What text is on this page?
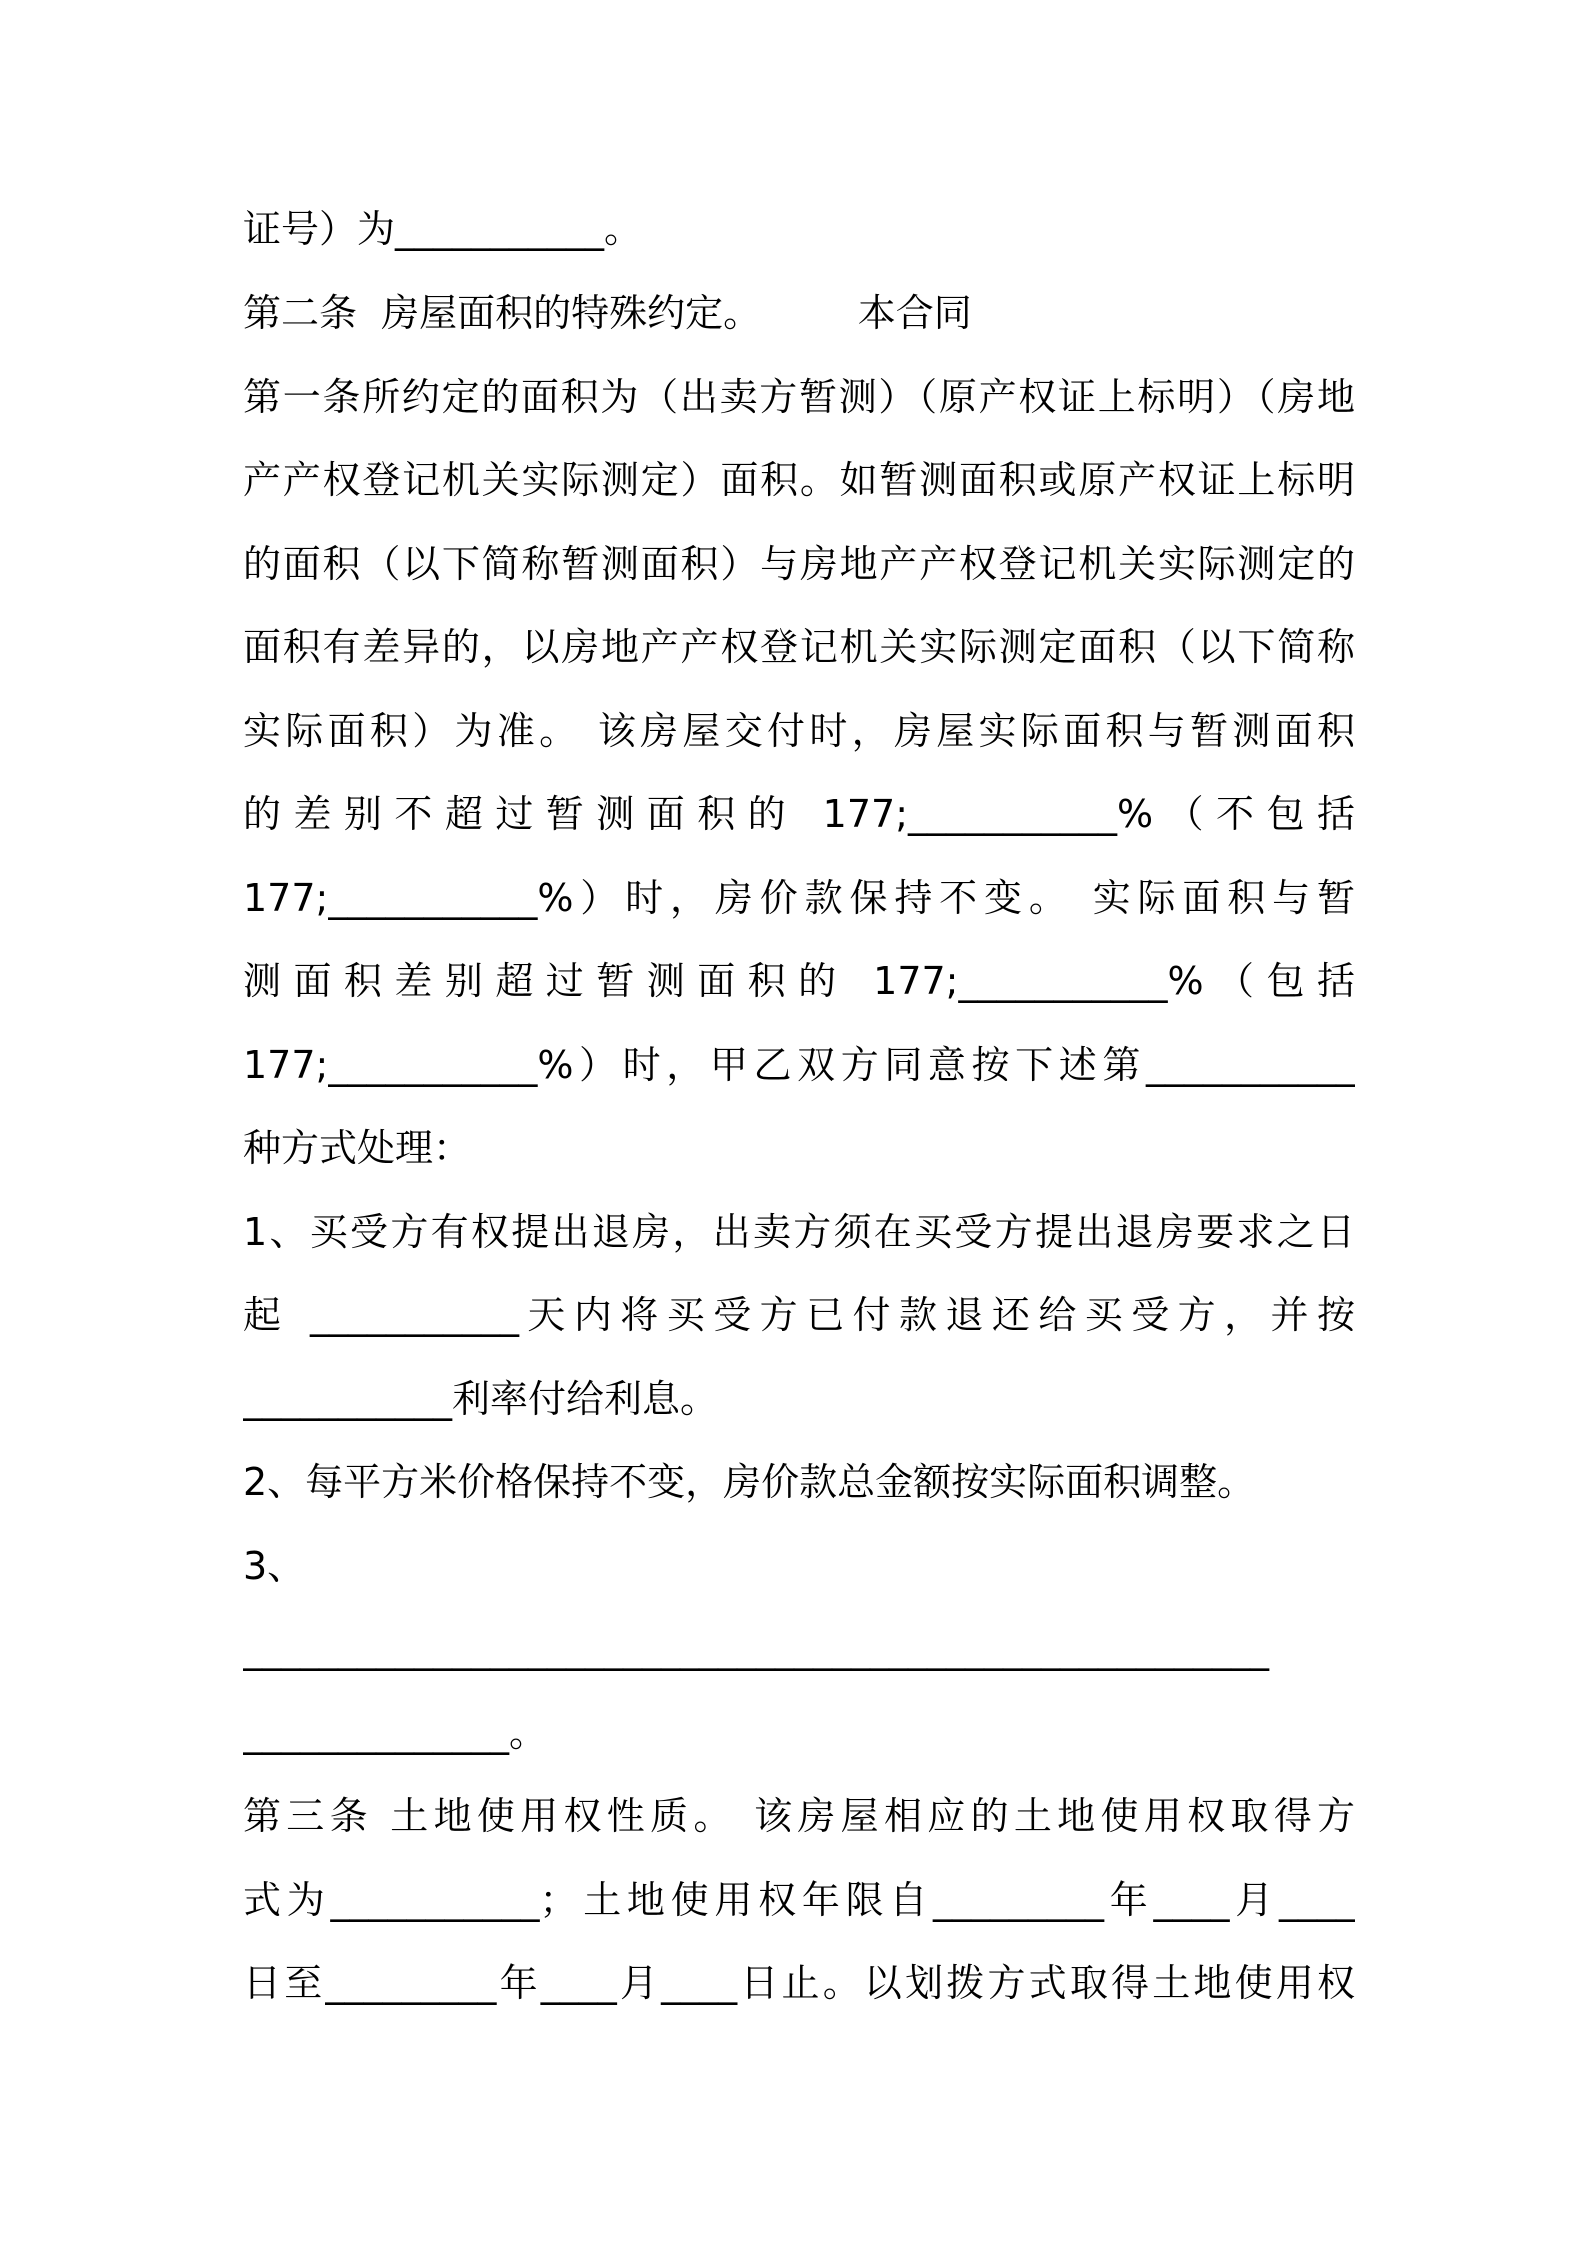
证号）为___________。
第二条  房屋面积的特殊约定。        本合同
第一条所约定的面积为（出卖方暂测）（原产权证上标明）（房地
产产权登记机关实际测定）面积。如暂测面积或原产权证上标明
的面积（以下简称暂测面积）与房地产产权登记机关实际测定的
面积有差异的，以房地产产权登记机关实际测定面积（以下简称
实际面积）为准。 该房屋交付时，房屋实际面积与暂测面积
的差别不超过暂测面积的 177;___________%（不包括
177;___________%）时，房价款保持不变。 实际面积与暂
测面积差别超过暂测面积的 177;___________%（包括
177;___________%）时，甲乙双方同意按下述第___________
种方式处理：
1、买受方有权提出退房，出卖方须在买受方提出退房要求之日
起 ___________天内将买受方已付款退还给买受方，并按
___________利率付给利息。
2、每平方米价格保持不变，房价款总金额按实际面积调整。
3、
______________________________________________________
______________。
第三条 土地使用权性质。 该房屋相应的土地使用权取得方
式为___________；土地使用权年限自_________年____月____
日至_________年____月____日止。以划拨方式取得土地使用权
